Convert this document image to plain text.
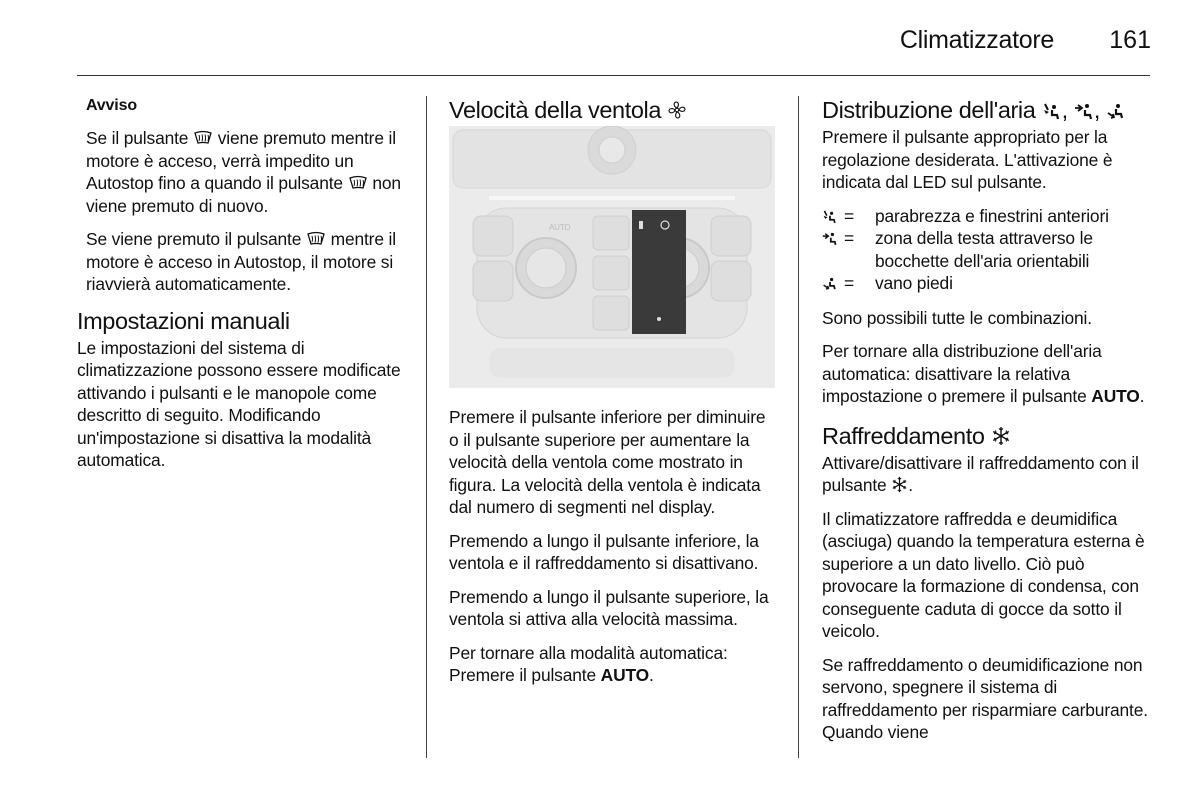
Climatizzatore 161

Avviso

Se il pulsante viene premuto mentre il motore è acceso, verrà impedito un Autostop fino a quando il pulsante non viene premuto di nuovo.

Se viene premuto il pulsante mentre il motore è acceso in Autostop, il motore si riavvierà automaticamente.

Impostazioni manuali

Le impostazioni del sistema di climatizzazione possono essere modificate attivando i pulsanti e le manopole come descritto di seguito. Modificando un'impostazione si disattiva la modalità automatica.

Velocità della ventola
AUTO

Premere il pulsante inferiore per diminuire o il pulsante superiore per aumentare la velocità della ventola come mostrato in figura. La velocità della ventola è indicata dal numero di segmenti nel display.

Premendo a lungo il pulsante inferiore, la ventola e il raffreddamento si disattivano.

Premendo a lungo il pulsante superiore, la ventola si attiva alla velocità massima.

Per tornare alla modalità automatica: Premere il pulsante AUTO.

Distribuzione dell'aria , ,

Premere il pulsante appropriato per la regolazione desiderata. L'attivazione è indicata dal LED sul pulsante.

=	parabrezza e finestrini anteriori
=	zona della testa attraverso le bocchette dell'aria orientabili
=	vano piedi

Sono possibili tutte le combinazioni.

Per tornare alla distribuzione dell'aria automatica: disattivare la relativa impostazione o premere il pulsante AUTO.

Raffreddamento

Attivare/disattivare il raffreddamento con il pulsante .

Il climatizzatore raffredda e deumidifica (asciuga) quando la temperatura esterna è superiore a un dato livello. Ciò può provocare la formazione di condensa, con conseguente caduta di gocce da sotto il veicolo.

Se raffreddamento o deumidificazione non servono, spegnere il sistema di raffreddamento per risparmiare carburante. Quando viene
